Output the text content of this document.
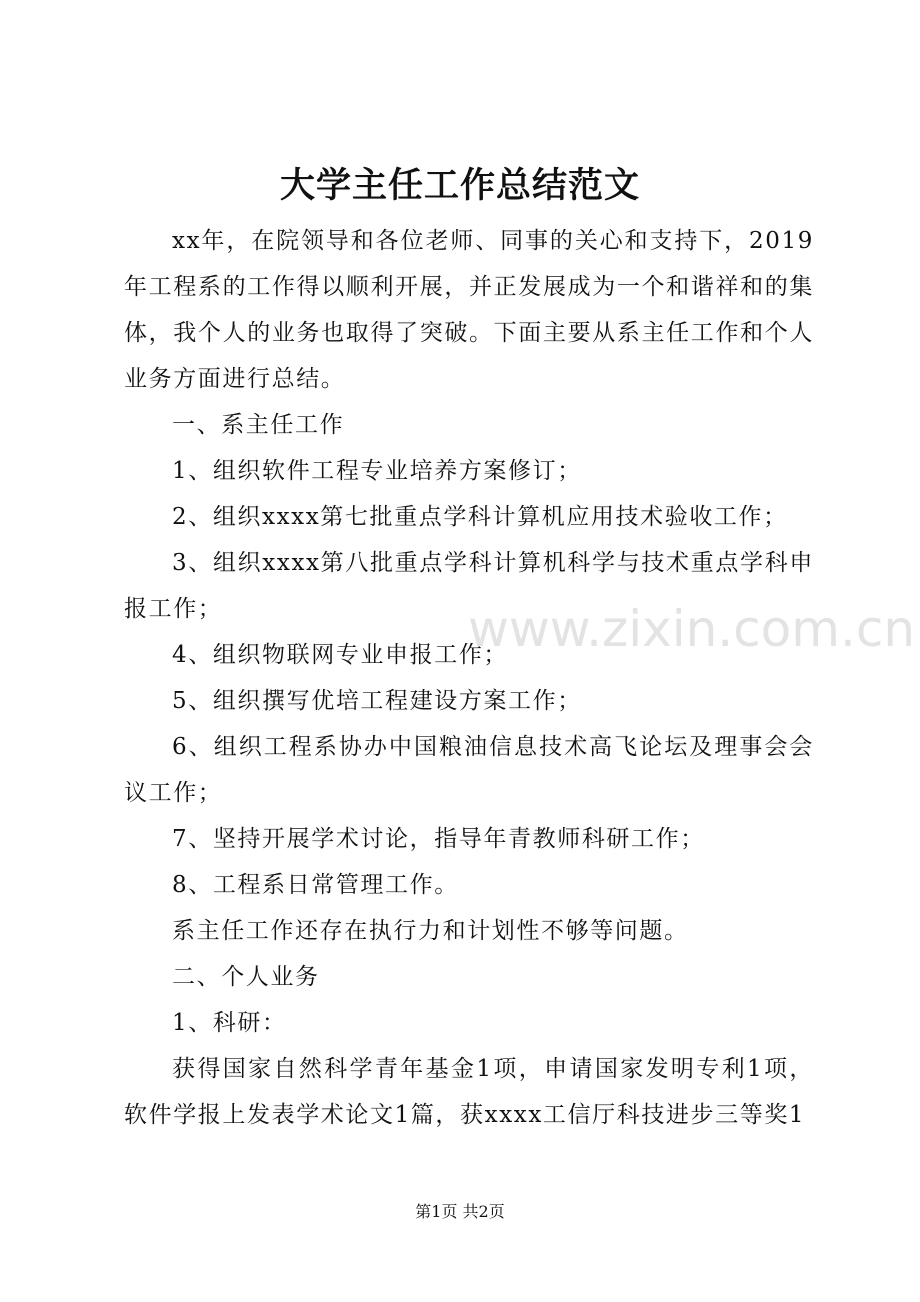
大学主任工作总结范文

xx年，在院领导和各位老师、同事的关心和支持下，2019年工程系的工作得以顺利开展，并正发展成为一个和谐祥和的集体，我个人的业务也取得了突破。下面主要从系主任工作和个人业务方面进行总结。

一、系主任工作

1、组织软件工程专业培养方案修订；

2、组织xxxx第七批重点学科计算机应用技术验收工作；

3、组织xxxx第八批重点学科计算机科学与技术重点学科申报工作；

4、组织物联网专业申报工作；

5、组织撰写优培工程建设方案工作；

6、组织工程系协办中国粮油信息技术高飞论坛及理事会会议工作；

7、坚持开展学术讨论，指导年青教师科研工作；

8、工程系日常管理工作。

系主任工作还存在执行力和计划性不够等问题。

二、个人业务

1、科研：

获得国家自然科学青年基金1项，申请国家发明专利1项，软件学报上发表学术论文1篇，获xxxx工信厅科技进步三等奖1

www.zixin.com.cn
第1页 共2页
